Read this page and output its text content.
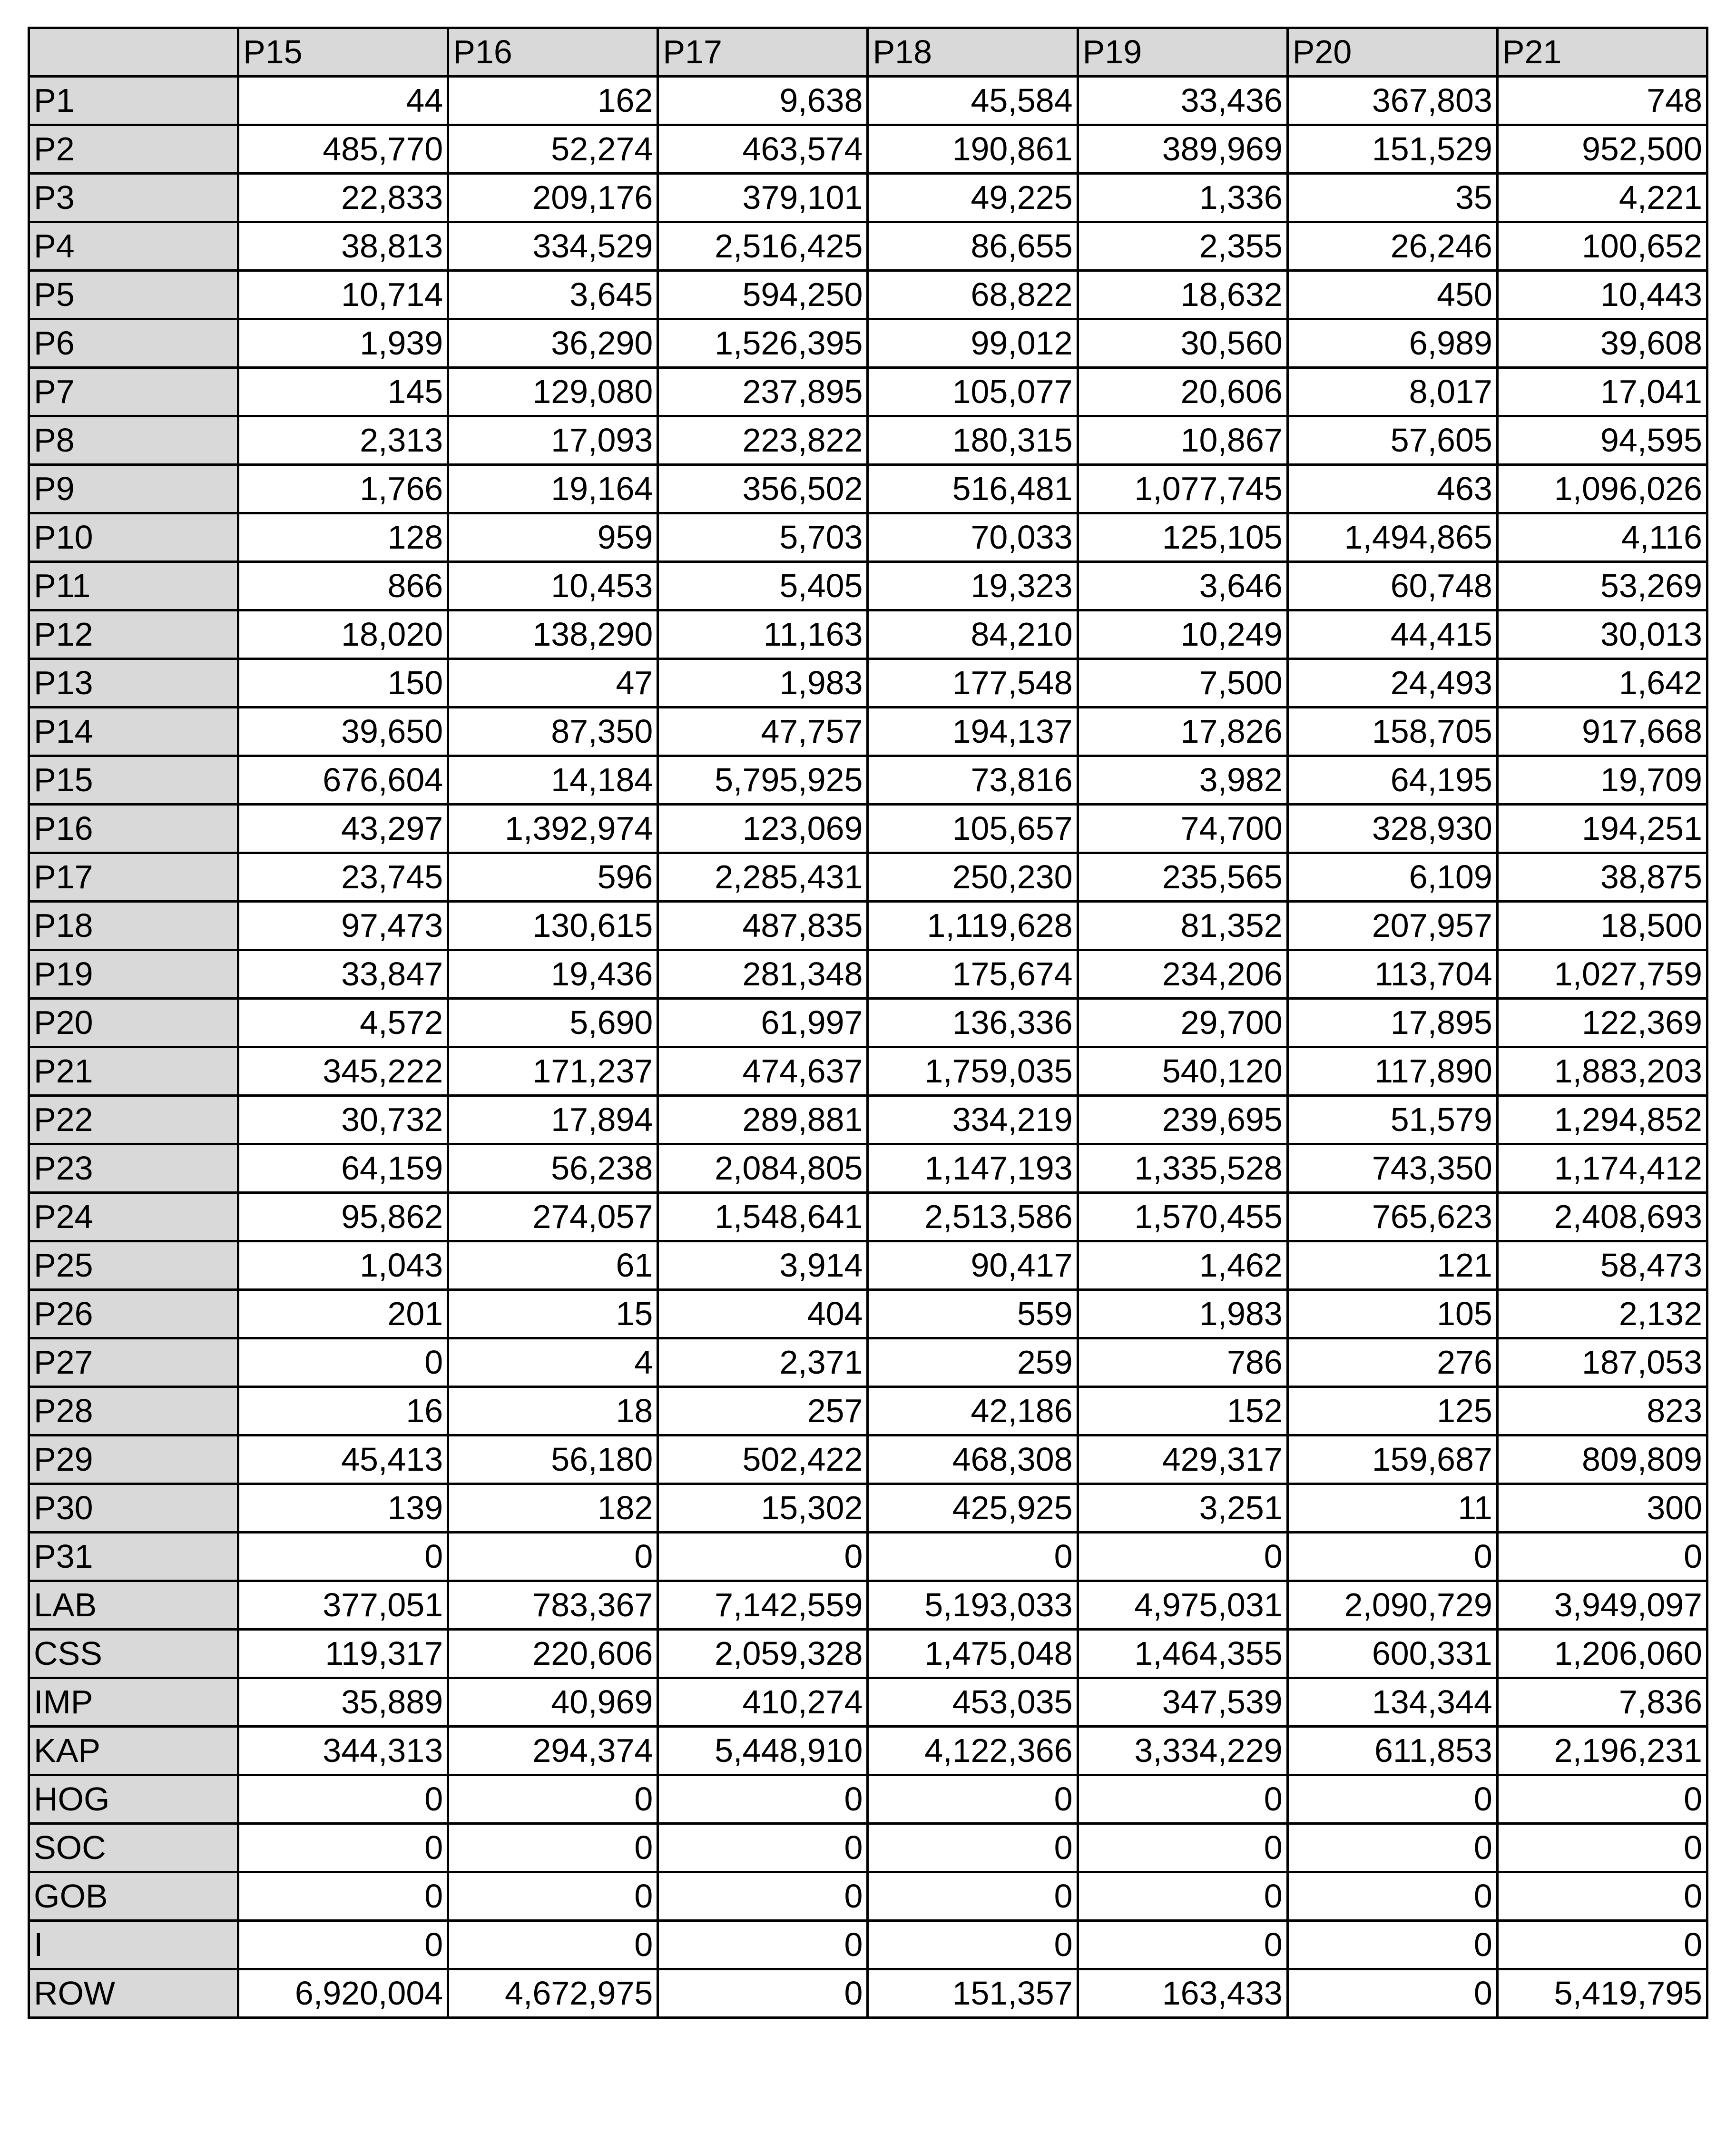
	P15	P16	P17	P18	P19	P20	P21
P1	44	162	9,638	45,584	33,436	367,803	748
P2	485,770	52,274	463,574	190,861	389,969	151,529	952,500
P3	22,833	209,176	379,101	49,225	1,336	35	4,221
P4	38,813	334,529	2,516,425	86,655	2,355	26,246	100,652
P5	10,714	3,645	594,250	68,822	18,632	450	10,443
P6	1,939	36,290	1,526,395	99,012	30,560	6,989	39,608
P7	145	129,080	237,895	105,077	20,606	8,017	17,041
P8	2,313	17,093	223,822	180,315	10,867	57,605	94,595
P9	1,766	19,164	356,502	516,481	1,077,745	463	1,096,026
P10	128	959	5,703	70,033	125,105	1,494,865	4,116
P11	866	10,453	5,405	19,323	3,646	60,748	53,269
P12	18,020	138,290	11,163	84,210	10,249	44,415	30,013
P13	150	47	1,983	177,548	7,500	24,493	1,642
P14	39,650	87,350	47,757	194,137	17,826	158,705	917,668
P15	676,604	14,184	5,795,925	73,816	3,982	64,195	19,709
P16	43,297	1,392,974	123,069	105,657	74,700	328,930	194,251
P17	23,745	596	2,285,431	250,230	235,565	6,109	38,875
P18	97,473	130,615	487,835	1,119,628	81,352	207,957	18,500
P19	33,847	19,436	281,348	175,674	234,206	113,704	1,027,759
P20	4,572	5,690	61,997	136,336	29,700	17,895	122,369
P21	345,222	171,237	474,637	1,759,035	540,120	117,890	1,883,203
P22	30,732	17,894	289,881	334,219	239,695	51,579	1,294,852
P23	64,159	56,238	2,084,805	1,147,193	1,335,528	743,350	1,174,412
P24	95,862	274,057	1,548,641	2,513,586	1,570,455	765,623	2,408,693
P25	1,043	61	3,914	90,417	1,462	121	58,473
P26	201	15	404	559	1,983	105	2,132
P27	0	4	2,371	259	786	276	187,053
P28	16	18	257	42,186	152	125	823
P29	45,413	56,180	502,422	468,308	429,317	159,687	809,809
P30	139	182	15,302	425,925	3,251	11	300
P31	0	0	0	0	0	0	0
LAB	377,051	783,367	7,142,559	5,193,033	4,975,031	2,090,729	3,949,097
CSS	119,317	220,606	2,059,328	1,475,048	1,464,355	600,331	1,206,060
IMP	35,889	40,969	410,274	453,035	347,539	134,344	7,836
KAP	344,313	294,374	5,448,910	4,122,366	3,334,229	611,853	2,196,231
HOG	0	0	0	0	0	0	0
SOC	0	0	0	0	0	0	0
GOB	0	0	0	0	0	0	0
I	0	0	0	0	0	0	0
ROW	6,920,004	4,672,975	0	151,357	163,433	0	5,419,795
